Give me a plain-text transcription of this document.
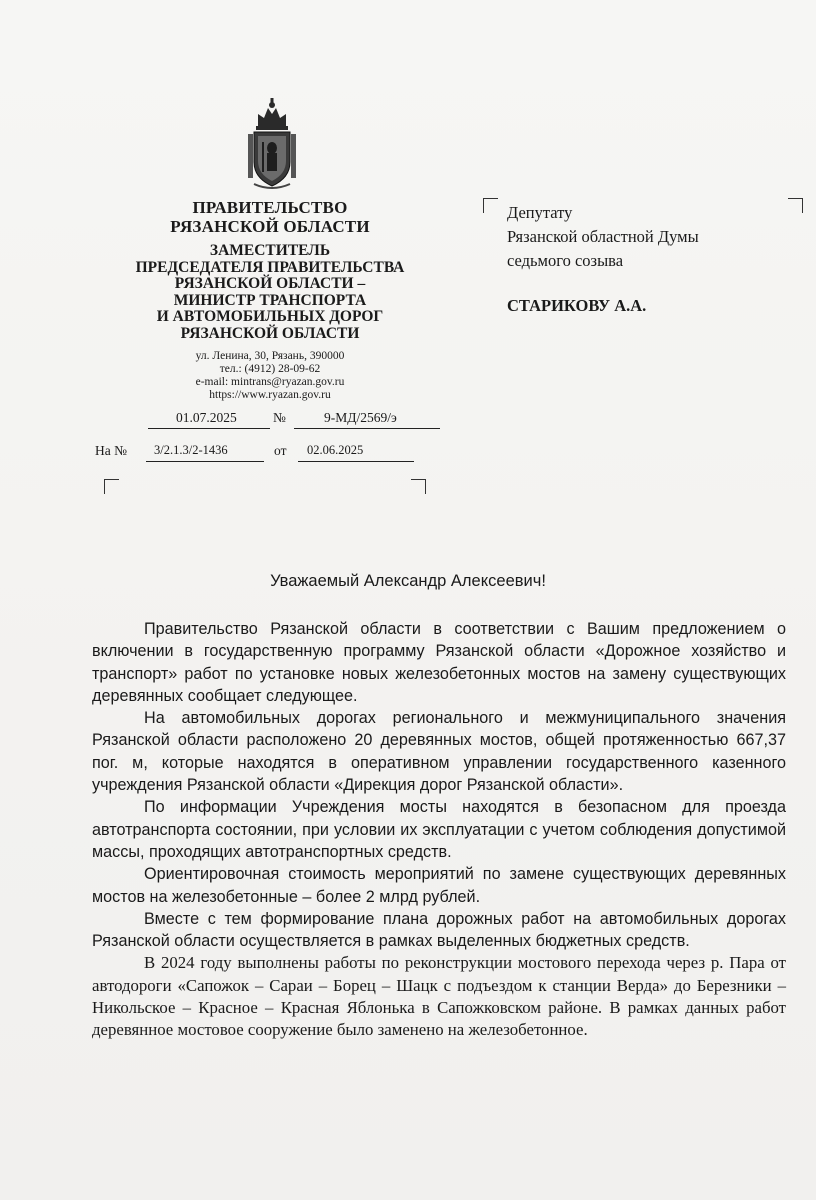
ПРАВИТЕЛЬСТВО
РЯЗАНСКОЙ ОБЛАСТИ
ЗАМЕСТИТЕЛЬ
ПРЕДСЕДАТЕЛЯ ПРАВИТЕЛЬСТВА
РЯЗАНСКОЙ ОБЛАСТИ –
МИНИСТР ТРАНСПОРТА
И АВТОМОБИЛЬНЫХ ДОРОГ
РЯЗАНСКОЙ ОБЛАСТИ
ул. Ленина, 30, Рязань, 390000
тел.: (4912) 28-09-62
e-mail: mintrans@ryazan.gov.ru
https://www.ryazan.gov.ru
01.07.2025	№	9-МД/2569/э
На № 3/2.1.3/2-1436	от 02.06.2025
Депутату
Рязанской областной Думы
седьмого созыва
СТАРИКОВУ А.А.
Уважаемый Александр Алексеевич!

Правительство Рязанской области в соответствии с Вашим предложением о включении в государственную программу Рязанской области «Дорожное хозяйство и транспорт» работ по установке новых железобетонных мостов на замену существующих деревянных сообщает следующее.

На автомобильных дорогах регионального и межмуниципального значения Рязанской области расположено 20 деревянных мостов, общей протяженностью 667,37 пог. м, которые находятся в оперативном управлении государственного казенного учреждения Рязанской области «Дирекция дорог Рязанской области».

По информации Учреждения мосты находятся в безопасном для проезда автотранспорта состоянии, при условии их эксплуатации с учетом соблюдения допустимой массы, проходящих автотранспортных средств.

Ориентировочная стоимость мероприятий по замене существующих деревянных мостов на железобетонные – более 2 млрд рублей.

Вместе с тем формирование плана дорожных работ на автомобильных дорогах Рязанской области осуществляется в рамках выделенных бюджетных средств.

В 2024 году выполнены работы по реконструкции мостового перехода через р. Пара от автодороги «Сапожок – Сараи – Борец – Шацк с подъездом к станции Верда» до Березники – Никольское – Красное – Красная Яблонька в Сапожковском районе. В рамках данных работ деревянное мостовое сооружение было заменено на железобетонное.
